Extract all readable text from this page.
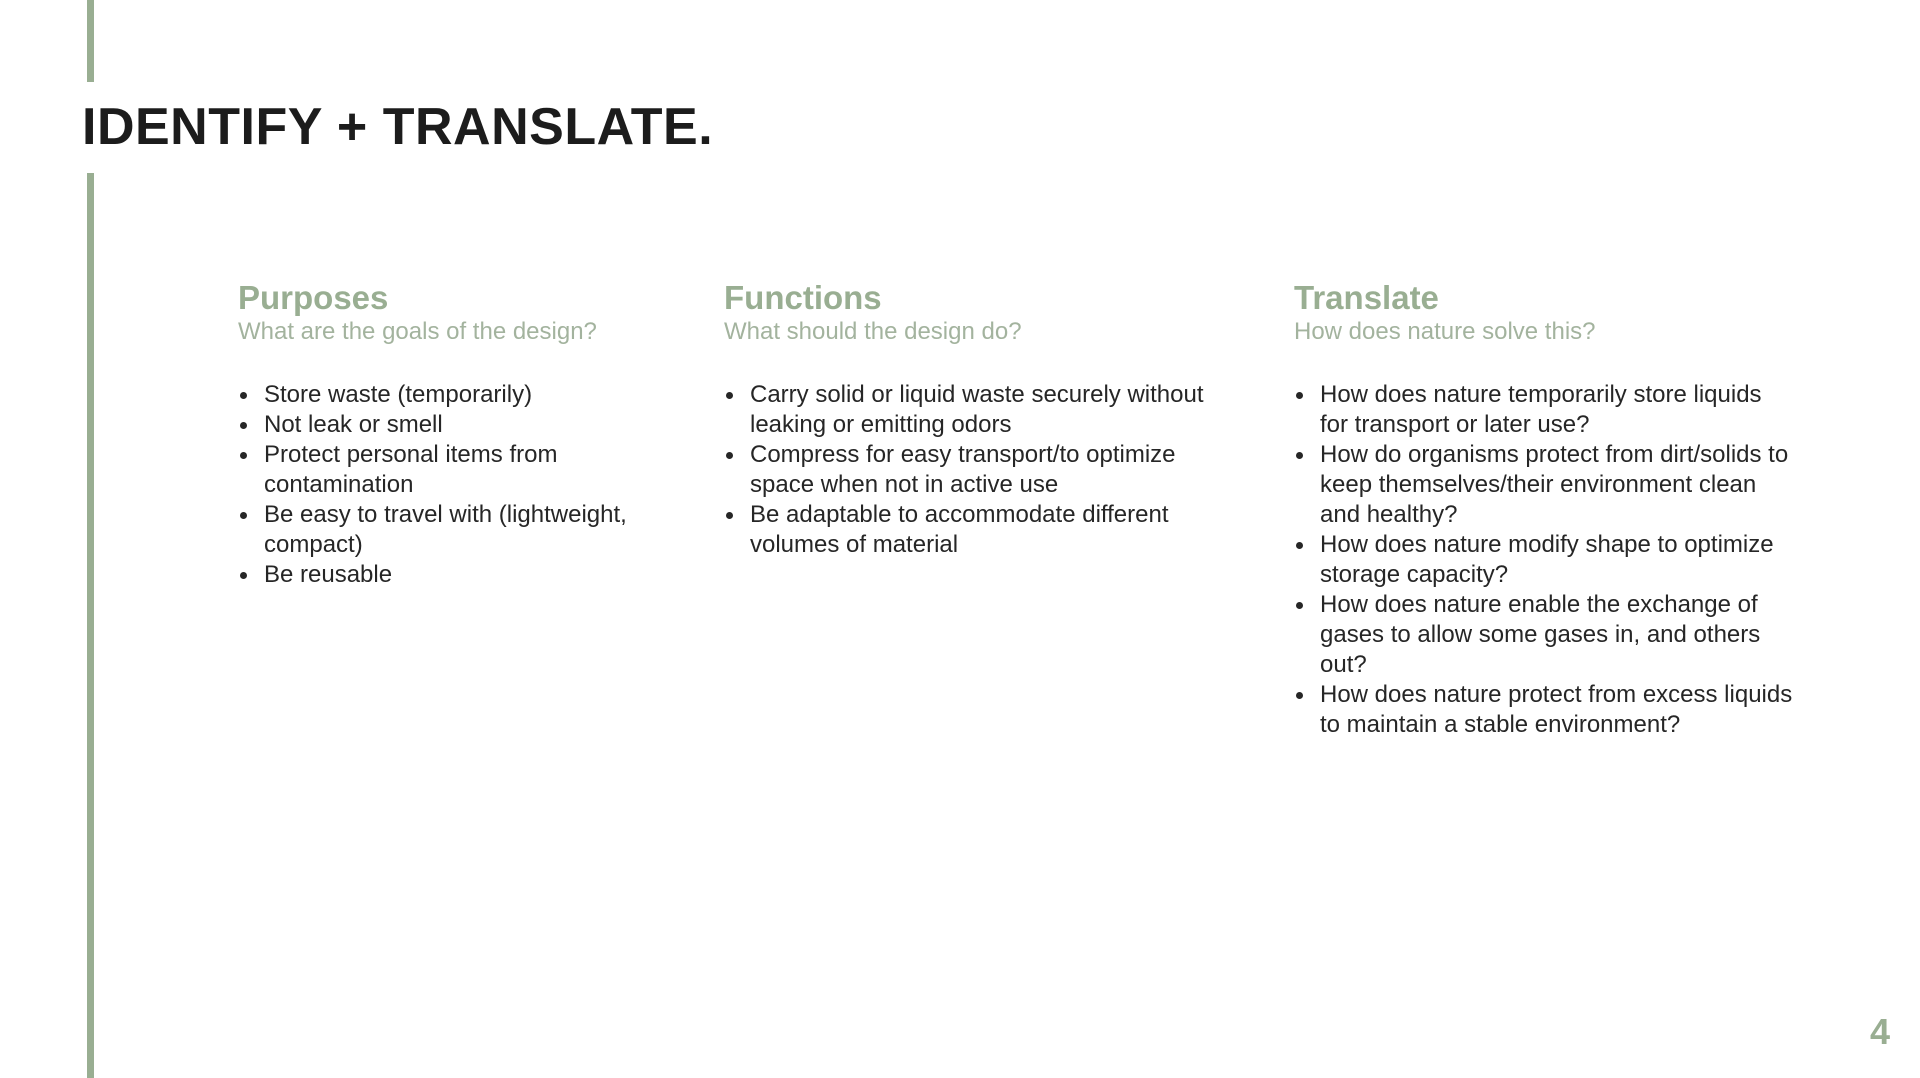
IDENTIFY + TRANSLATE.
Purposes

What are the goals of the design?

Store waste (temporarily)
Not leak or smell
Protect personal items from contamination
Be easy to travel with (lightweight, compact)
Be reusable
Functions

What should the design do?

Carry solid or liquid waste securely without leaking or emitting odors
Compress for easy transport/to optimize space when not in active use
Be adaptable to accommodate different volumes of material
Translate

How does nature solve this?

How does nature temporarily store liquids for transport or later use?
How do organisms protect from dirt/solids to keep themselves/their environment clean and healthy?
How does nature modify shape to optimize storage capacity?
How does nature enable the exchange of gases to allow some gases in, and others out?
How does nature protect from excess liquids to maintain a stable environment?
4
